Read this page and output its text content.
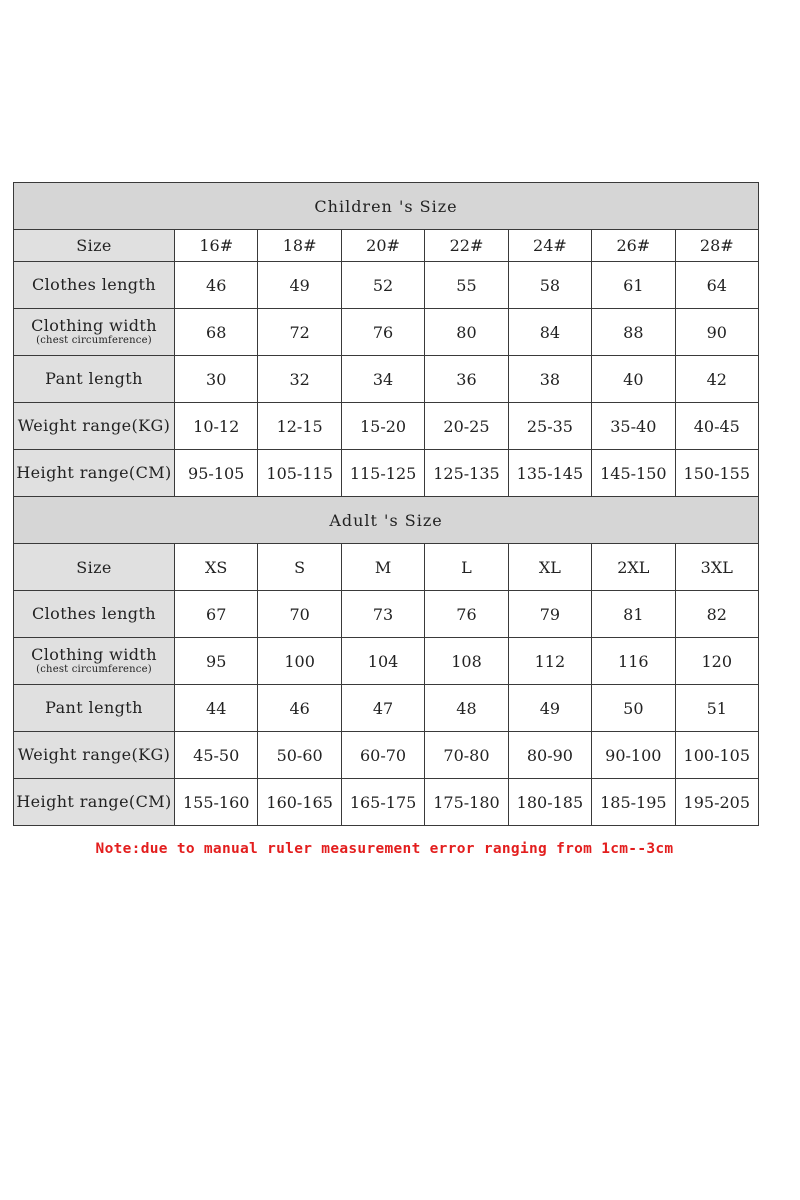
Children 's Size							
Size	16#	18#	20#	22#	24#	26#	28#

Clothes length	46	49	52	55	58	61	64

Clothing width
(chest circumference)	68	72	76	80	84	88	90

Pant length	30	32	34	36	38	40	42

Weight range(KG)	10-12	12-15	15-20	20-25	25-35	35-40	40-45

Height range(CM)	95-105	105-115	115-125	125-135	135-145	145-150	150-155
Adult 's Size							
Size	XS	S	M	L	XL	2XL	3XL

Clothes length	67	70	73	76	79	81	82

Clothing width
(chest circumference)	95	100	104	108	112	116	120

Pant length	44	46	47	48	49	50	51

Weight range(KG)	45-50	50-60	60-70	70-80	80-90	90-100	100-105

Height range(CM)	155-160	160-165	165-175	175-180	180-185	185-195	195-205
Note:due to manual ruler measurement error ranging from 1cm--3cm
